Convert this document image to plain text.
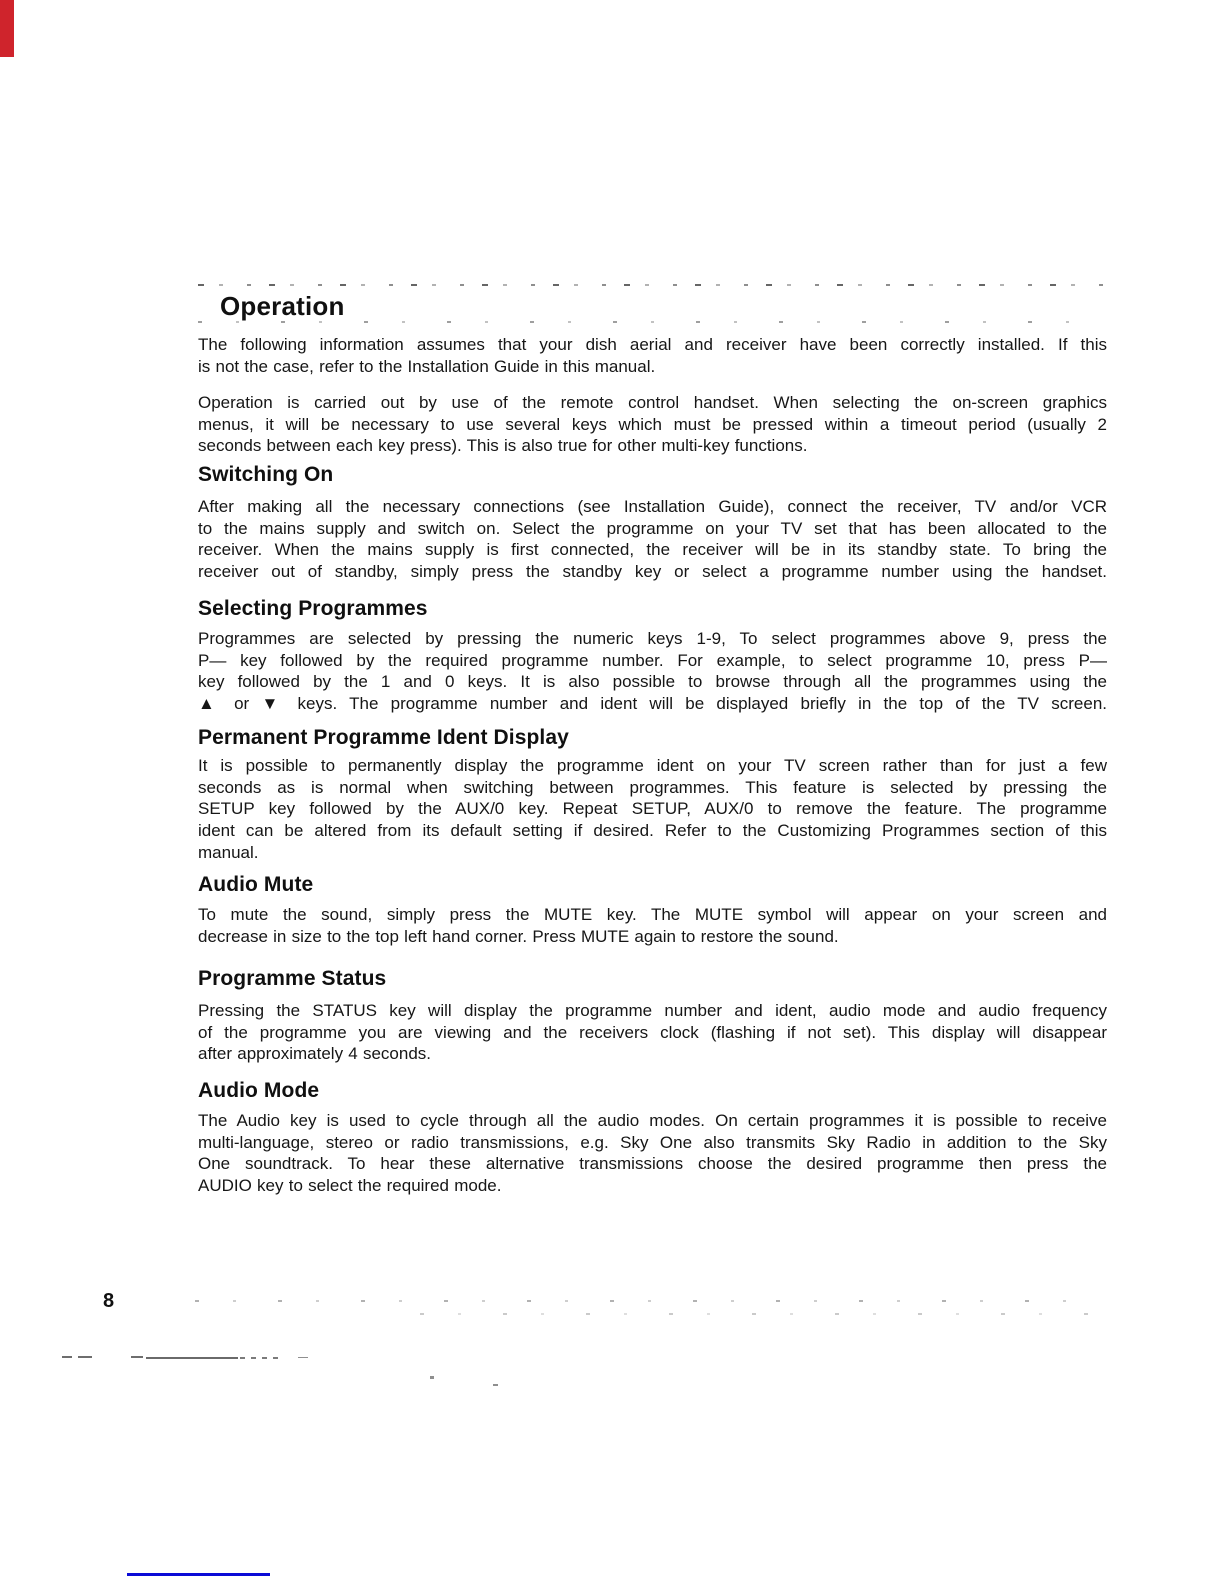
Operation
The following information assumes that your dish aerial and receiver have been correctly installed. If this
is not the case, refer to the Installation Guide in this manual.
Operation is carried out by use of the remote control handset. When selecting the on-screen graphics
menus, it will be necessary to use several keys which must be pressed within a timeout period (usually 2
seconds between each key press). This is also true for other multi-key functions.
Switching On
After making all the necessary connections (see Installation Guide), connect the receiver, TV and/or VCR
to the mains supply and switch on. Select the programme on your TV set that has been allocated to the
receiver. When the mains supply is first connected, the receiver will be in its standby state. To bring the
receiver out of standby, simply press the standby key or select a programme number using the handset.
Selecting Programmes
Programmes are selected by pressing the numeric keys 1-9, To select programmes above 9, press the
P— key followed by the required programme number. For example, to select programme 10, press P—
key followed by the 1 and 0 keys. It is also possible to browse through all the programmes using the
▲ or ▼ keys. The programme number and ident will be displayed briefly in the top of the TV screen.
Permanent Programme Ident Display
It is possible to permanently display the programme ident on your TV screen rather than for just a few
seconds as is normal when switching between programmes. This feature is selected by pressing the
SETUP key followed by the AUX/0 key. Repeat SETUP, AUX/0 to remove the feature. The programme
ident can be altered from its default setting if desired. Refer to the Customizing Programmes section of this
manual.
Audio Mute
To mute the sound, simply press the MUTE key. The MUTE symbol will appear on your screen and
decrease in size to the top left hand corner. Press MUTE again to restore the sound.
Programme Status
Pressing the STATUS key will display the programme number and ident, audio mode and audio frequency
of the programme you are viewing and the receivers clock (flashing if not set). This display will disappear
after approximately 4 seconds.
Audio Mode
The Audio key is used to cycle through all the audio modes. On certain programmes it is possible to receive
multi-language, stereo or radio transmissions, e.g. Sky One also transmits Sky Radio in addition to the Sky
One soundtrack. To hear these alternative transmissions choose the desired programme then press the
AUDIO key to select the required mode.
8
